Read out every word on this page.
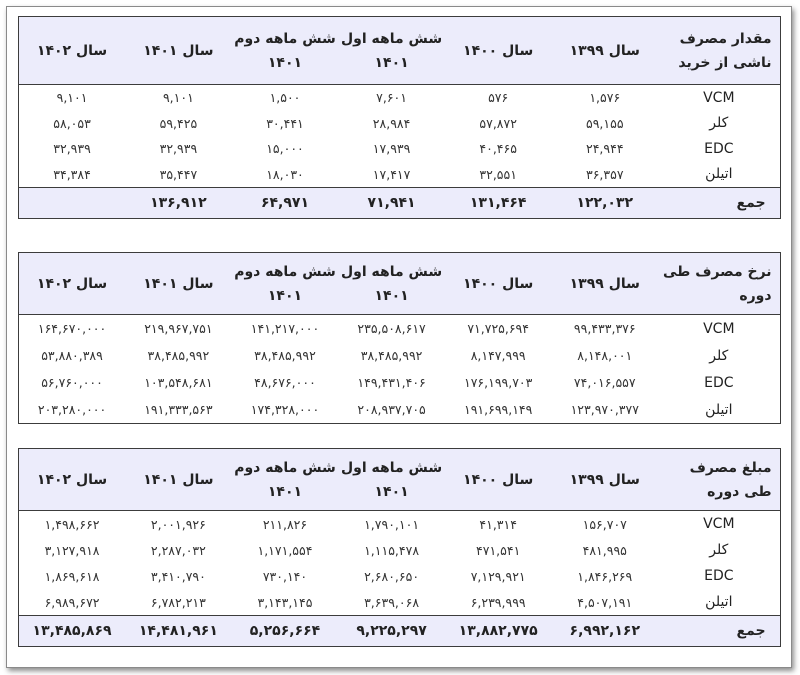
مقدار مصرف ناشی از خرید	سال ۱۳۹۹	سال ۱۴۰۰	شش ماهه اول ۱۴۰۱	شش ماهه دوم ۱۴۰۱	سال ۱۴۰۱	سال ۱۴۰۲
VCM	۱,۵۷۶	۵۷۶	۷,۶۰۱	۱,۵۰۰	۹,۱۰۱	۹,۱۰۱
کلر	۵۹,۱۵۵	۵۷,۸۷۲	۲۸,۹۸۴	۳۰,۴۴۱	۵۹,۴۲۵	۵۸,۰۵۳
EDC	۲۴,۹۴۴	۴۰,۴۶۵	۱۷,۹۳۹	۱۵,۰۰۰	۳۲,۹۳۹	۳۲,۹۳۹
اتیلن	۳۶,۳۵۷	۳۲,۵۵۱	۱۷,۴۱۷	۱۸,۰۳۰	۳۵,۴۴۷	۳۴,۳۸۴
جمع	۱۲۲,۰۳۲	۱۳۱,۴۶۴	۷۱,۹۴۱	۶۴,۹۷۱	۱۳۶,۹۱۲	
نرخ مصرف طی دوره	سال ۱۳۹۹	سال ۱۴۰۰	شش ماهه اول ۱۴۰۱	شش ماهه دوم ۱۴۰۱	سال ۱۴۰۱	سال ۱۴۰۲
VCM	۹۹,۴۳۳,۳۷۶	۷۱,۷۲۵,۶۹۴	۲۳۵,۵۰۸,۶۱۷	۱۴۱,۲۱۷,۰۰۰	۲۱۹,۹۶۷,۷۵۱	۱۶۴,۶۷۰,۰۰۰
کلر	۸,۱۴۸,۰۰۱	۸,۱۴۷,۹۹۹	۳۸,۴۸۵,۹۹۲	۳۸,۴۸۵,۹۹۲	۳۸,۴۸۵,۹۹۲	۵۳,۸۸۰,۳۸۹
EDC	۷۴,۰۱۶,۵۵۷	۱۷۶,۱۹۹,۷۰۳	۱۴۹,۴۳۱,۴۰۶	۴۸,۶۷۶,۰۰۰	۱۰۳,۵۴۸,۶۸۱	۵۶,۷۶۰,۰۰۰
اتیلن	۱۲۳,۹۷۰,۳۷۷	۱۹۱,۶۹۹,۱۴۹	۲۰۸,۹۳۷,۷۰۵	۱۷۴,۳۲۸,۰۰۰	۱۹۱,۳۳۳,۵۶۳	۲۰۳,۲۸۰,۰۰۰
مبلغ مصرف طی دوره	سال ۱۳۹۹	سال ۱۴۰۰	شش ماهه اول ۱۴۰۱	شش ماهه دوم ۱۴۰۱	سال ۱۴۰۱	سال ۱۴۰۲
VCM	۱۵۶,۷۰۷	۴۱,۳۱۴	۱,۷۹۰,۱۰۱	۲۱۱,۸۲۶	۲,۰۰۱,۹۲۶	۱,۴۹۸,۶۶۲
کلر	۴۸۱,۹۹۵	۴۷۱,۵۴۱	۱,۱۱۵,۴۷۸	۱,۱۷۱,۵۵۴	۲,۲۸۷,۰۳۲	۳,۱۲۷,۹۱۸
EDC	۱,۸۴۶,۲۶۹	۷,۱۲۹,۹۲۱	۲,۶۸۰,۶۵۰	۷۳۰,۱۴۰	۳,۴۱۰,۷۹۰	۱,۸۶۹,۶۱۸
اتیلن	۴,۵۰۷,۱۹۱	۶,۲۳۹,۹۹۹	۳,۶۳۹,۰۶۸	۳,۱۴۳,۱۴۵	۶,۷۸۲,۲۱۳	۶,۹۸۹,۶۷۲
جمع	۶,۹۹۲,۱۶۲	۱۳,۸۸۲,۷۷۵	۹,۲۲۵,۲۹۷	۵,۲۵۶,۶۶۴	۱۴,۴۸۱,۹۶۱	۱۳,۴۸۵,۸۶۹
